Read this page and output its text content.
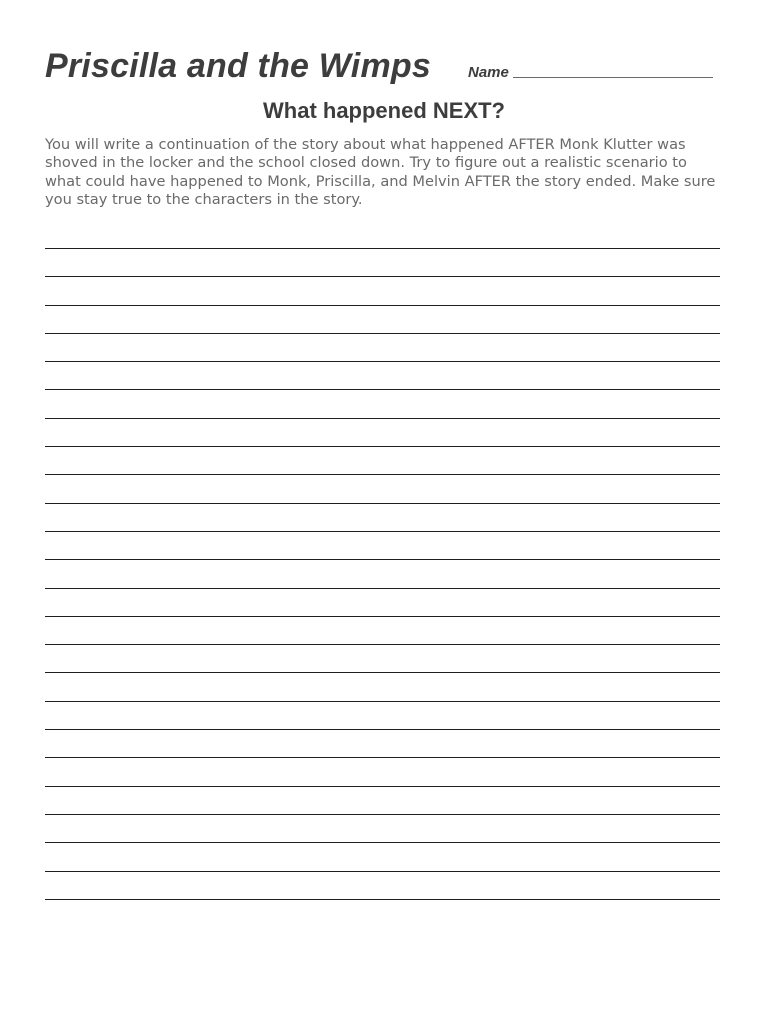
Priscilla and the Wimps Name
What happened NEXT?
You will write a continuation of the story about what happened AFTER Monk Klutter was shoved in the locker and the school closed down. Try to figure out a realistic scenario to what could have happened to Monk, Priscilla, and Melvin AFTER the story ended. Make sure you stay true to the characters in the story.
